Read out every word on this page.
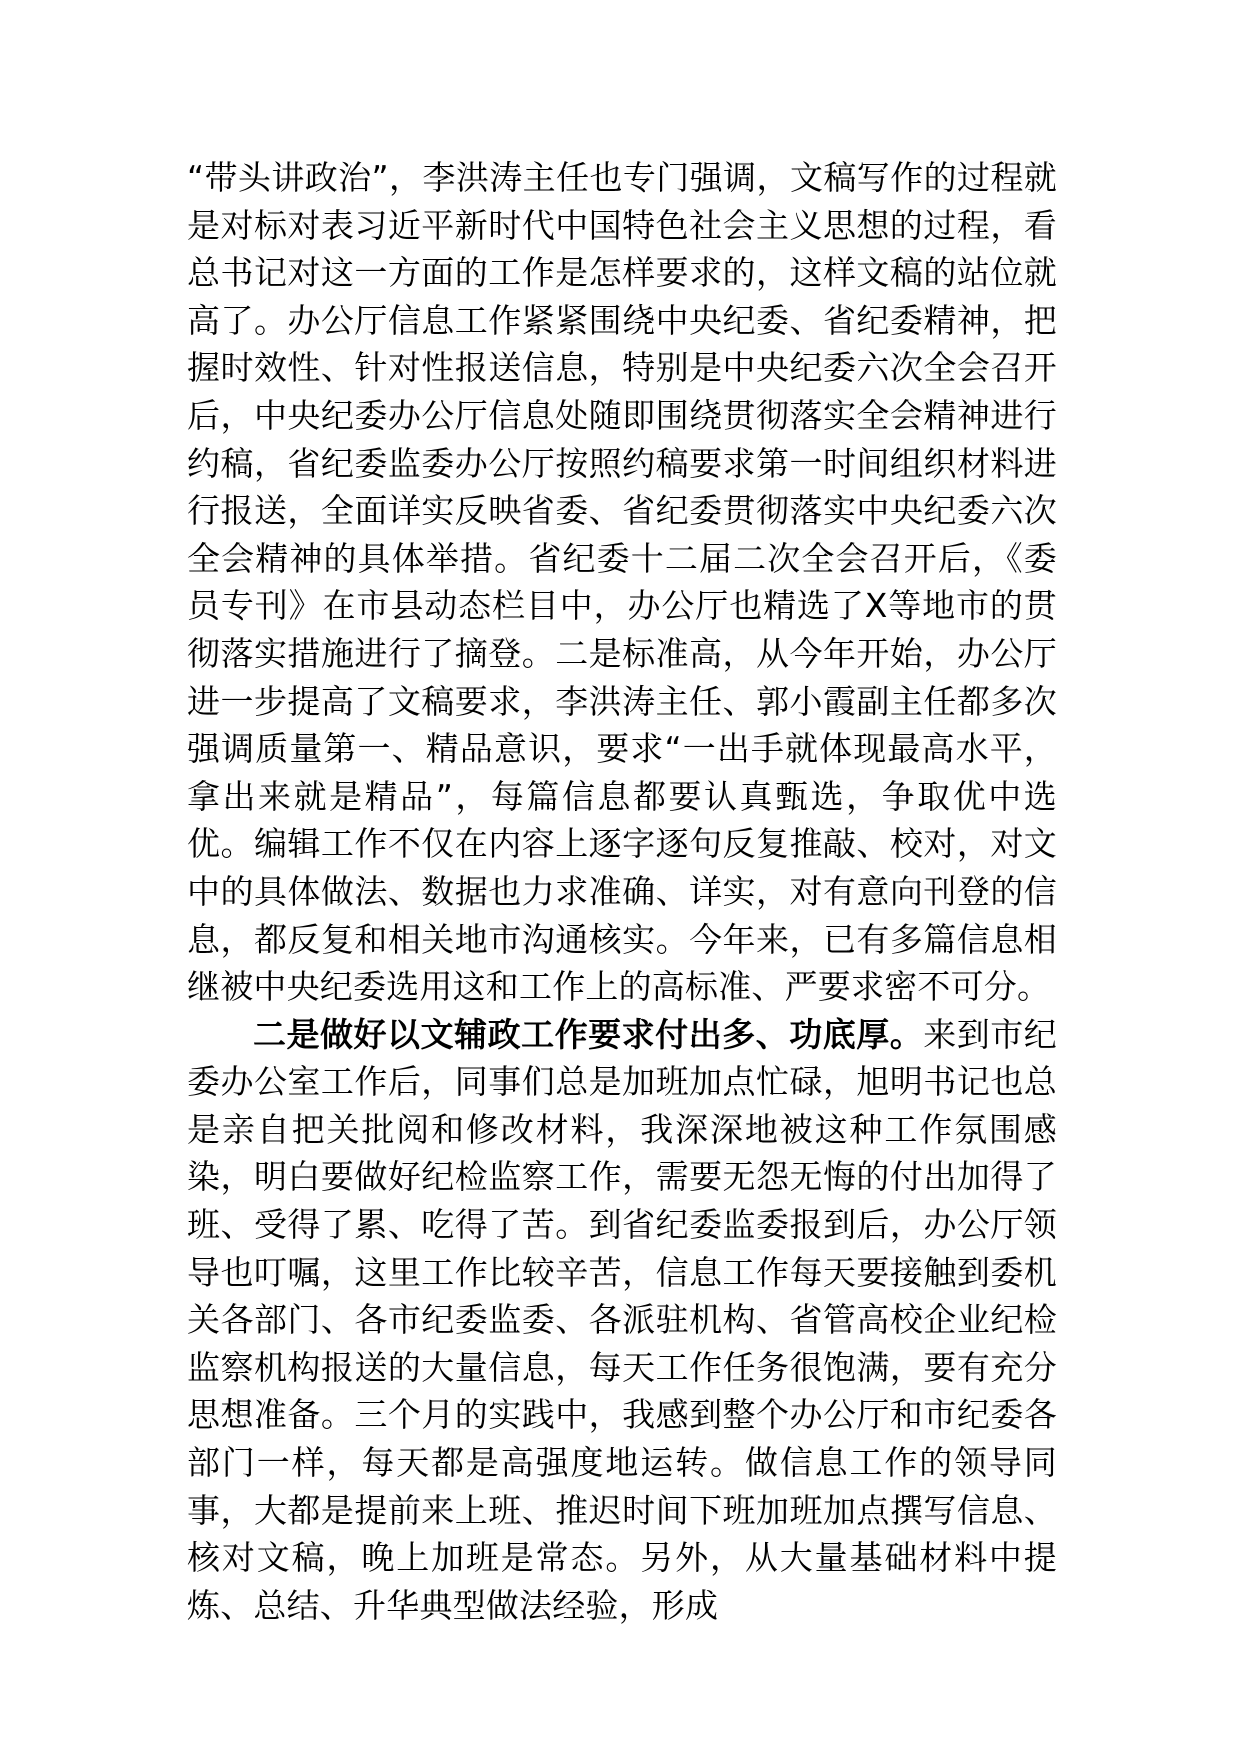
“带头讲政治”，李洪涛主任也专门强调，文稿写作的过程就是对标对表习近平新时代中国特色社会主义思想的过程，看总书记对这一方面的工作是怎样要求的，这样文稿的站位就高了。办公厅信息工作紧紧围绕中央纪委、省纪委精神，把握时效性、针对性报送信息，特别是中央纪委六次全会召开后，中央纪委办公厅信息处随即围绕贯彻落实全会精神进行约稿，省纪委监委办公厅按照约稿要求第一时间组织材料进行报送，全面详实反映省委、省纪委贯彻落实中央纪委六次全会精神的具体举措。省纪委十二届二次全会召开后，《委员专刊》在市县动态栏目中，办公厅也精选了X等地市的贯彻落实措施进行了摘登。二是标准高，从今年开始，办公厅进一步提高了文稿要求，李洪涛主任、郭小霞副主任都多次强调质量第一、精品意识，要求“一出手就体现最高水平，拿出来就是精品”，每篇信息都要认真甄选，争取优中选优。编辑工作不仅在内容上逐字逐句反复推敲、校对，对文中的具体做法、数据也力求准确、详实，对有意向刊登的信息，都反复和相关地市沟通核实。今年来，已有多篇信息相继被中央纪委选用这和工作上的高标准、严要求密不可分。

二是做好以文辅政工作要求付出多、功底厚。来到市纪委办公室工作后，同事们总是加班加点忙碌，旭明书记也总是亲自把关批阅和修改材料，我深深地被这种工作氛围感染，明白要做好纪检监察工作，需要无怨无悔的付出加得了班、受得了累、吃得了苦。到省纪委监委报到后，办公厅领导也叮嘱，这里工作比较辛苦，信息工作每天要接触到委机关各部门、各市纪委监委、各派驻机构、省管高校企业纪检监察机构报送的大量信息，每天工作任务很饱满，要有充分思想准备。三个月的实践中，我感到整个办公厅和市纪委各部门一样，每天都是高强度地运转。做信息工作的领导同事，大都是提前来上班、推迟时间下班加班加点撰写信息、核对文稿，晚上加班是常态。另外，从大量基础材料中提炼、总结、升华典型做法经验，形成
